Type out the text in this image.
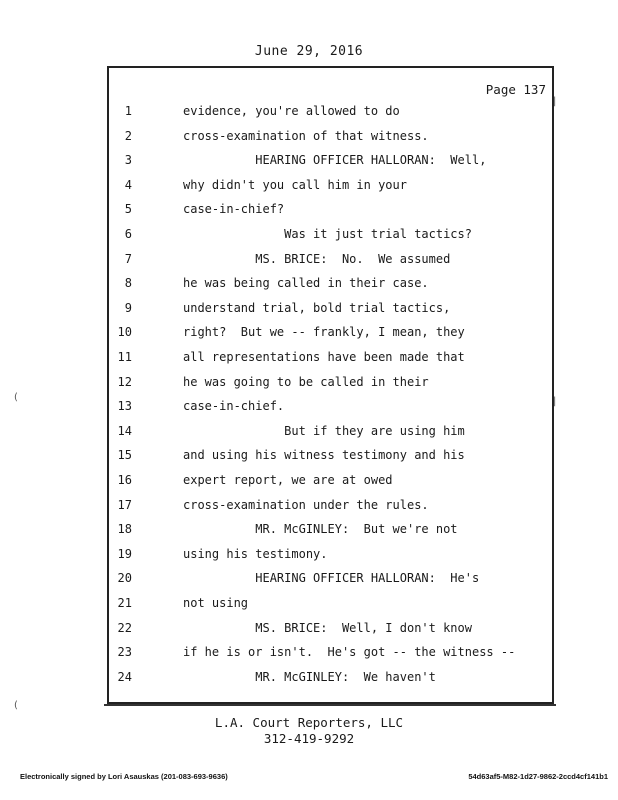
June 29, 2016
Page 137
1	evidence, you're allowed to do
2	cross-examination of that witness.
3	HEARING OFFICER HALLORAN:  Well,
4	why didn't you call him in your
5	case-in-chief?
6	Was it just trial tactics?
7	MS. BRICE:  No.  We assumed
8	he was being called in their case.
9	understand trial, bold trial tactics,
10	right?  But we -- frankly, I mean, they
11	all representations have been made that
12	he was going to be called in their
13	case-in-chief.
14	But if they are using him
15	and using his witness testimony and his
16	expert report, we are at owed
17	cross-examination under the rules.
18	MR. McGINLEY:  But we're not
19	using his testimony.
20	HEARING OFFICER HALLORAN:  He's
21	not using
22	MS. BRICE:  Well, I don't know
23	if he is or isn't.  He's got -- the witness --
24	MR. McGINLEY:  We haven't
(
(
|
|
L.A. Court Reporters, LLC
312-419-9292
Electronically signed by Lori Asauskas (201-083-693-9636)	54d63af5-M82-1d27-9862-2ccd4cf141b1
